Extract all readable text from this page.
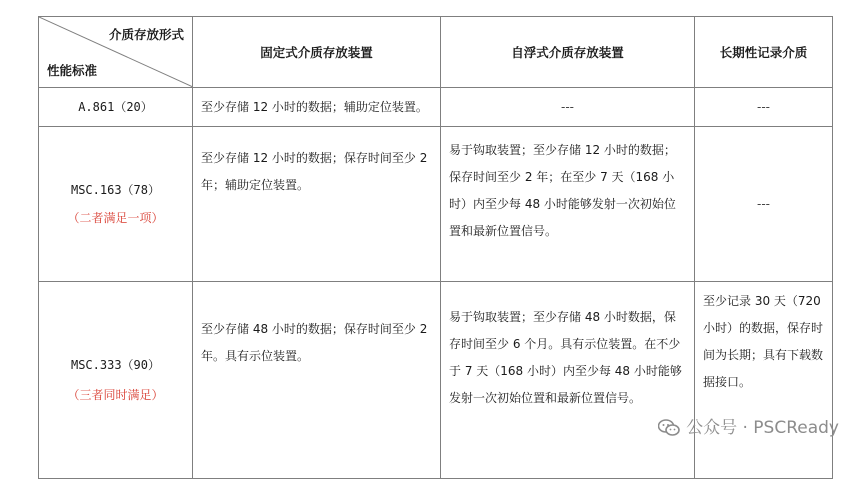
介质存放形式
性能标准	固定式介质存放装置	自浮式介质存放装置	长期性记录介质

A.861（20）	至少存储 12 小时的数据；辅助定位装置。	---	---

MSC.163（78）
（二者满足一项）	至少存储 12 小时的数据；保存时间至少 2年；辅助定位装置。	易于钩取装置；至少存储 12 小时的数据；保存时间至少 2 年；在至少 7 天（168 小时）内至少每 48 小时能够发射一次初始位置和最新位置信号。	---

MSC.333（90）
（三者同时满足）	至少存储 48 小时的数据；保存时间至少 2年。具有示位装置。	易于钩取装置；至少存储 48 小时数据，保存时间至少 6 个月。具有示位装置。在不少于 7 天（168 小时）内至少每 48 小时能够发射一次初始位置和最新位置信号。	至少记录 30 天（720 小时）的数据，保存时间为长期；具有下载数据接口。
公众号 · PSCReady
